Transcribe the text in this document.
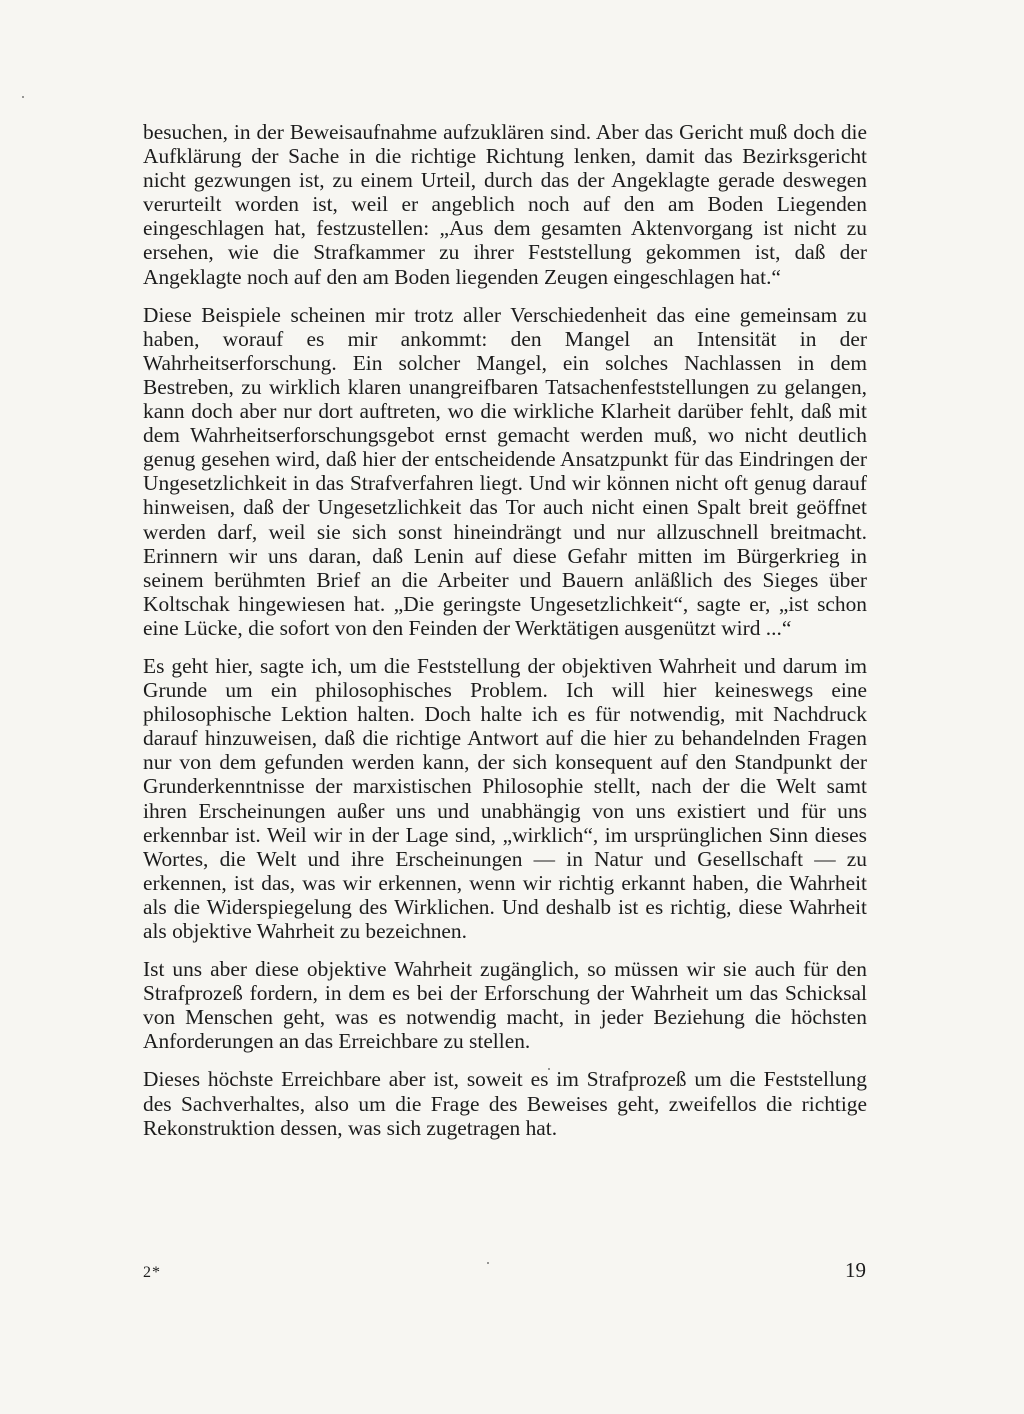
besuchen, in der Beweisaufnahme aufzuklären sind. Aber das Gericht muß doch die Aufklärung der Sache in die richtige Richtung lenken, damit das Bezirksgericht nicht gezwungen ist, zu einem Urteil, durch das der Angeklagte gerade deswegen verurteilt worden ist, weil er angeblich noch auf den am Boden Liegenden eingeschlagen hat, festzustellen: „Aus dem gesamten Aktenvorgang ist nicht zu ersehen, wie die Strafkammer zu ihrer Feststellung gekommen ist, daß der Angeklagte noch auf den am Boden liegenden Zeugen eingeschlagen hat.“

Diese Beispiele scheinen mir trotz aller Verschiedenheit das eine gemeinsam zu haben, worauf es mir ankommt: den Mangel an Intensität in der Wahrheitserforschung. Ein solcher Mangel, ein solches Nachlassen in dem Bestreben, zu wirklich klaren unangreifbaren Tatsachenfeststellungen zu gelangen, kann doch aber nur dort auftreten, wo die wirkliche Klarheit darüber fehlt, daß mit dem Wahrheitserforschungsgebot ernst gemacht werden muß, wo nicht deutlich genug gesehen wird, daß hier der entscheidende Ansatzpunkt für das Eindringen der Ungesetzlichkeit in das Strafverfahren liegt. Und wir können nicht oft genug darauf hinweisen, daß der Ungesetzlichkeit das Tor auch nicht einen Spalt breit geöffnet werden darf, weil sie sich sonst hineindrängt und nur allzuschnell breitmacht. Erinnern wir uns daran, daß Lenin auf diese Gefahr mitten im Bürgerkrieg in seinem berühmten Brief an die Arbeiter und Bauern anläßlich des Sieges über Koltschak hingewiesen hat. „Die geringste Ungesetzlichkeit“, sagte er, „ist schon eine Lücke, die sofort von den Feinden der Werktätigen ausgenützt wird ...“

Es geht hier, sagte ich, um die Feststellung der objektiven Wahrheit und darum im Grunde um ein philosophisches Problem. Ich will hier keineswegs eine philosophische Lektion halten. Doch halte ich es für notwendig, mit Nachdruck darauf hinzuweisen, daß die richtige Antwort auf die hier zu behandelnden Fragen nur von dem gefunden werden kann, der sich konsequent auf den Standpunkt der Grunderkenntnisse der marxistischen Philosophie stellt, nach der die Welt samt ihren Erscheinungen außer uns und unabhängig von uns existiert und für uns erkennbar ist. Weil wir in der Lage sind, „wirklich“, im ursprünglichen Sinn dieses Wortes, die Welt und ihre Erscheinungen — in Natur und Gesellschaft — zu erkennen, ist das, was wir erkennen, wenn wir richtig erkannt haben, die Wahrheit als die Widerspiegelung des Wirklichen. Und deshalb ist es richtig, diese Wahrheit als objektive Wahrheit zu bezeichnen.

Ist uns aber diese objektive Wahrheit zugänglich, so müssen wir sie auch für den Strafprozeß fordern, in dem es bei der Erforschung der Wahrheit um das Schicksal von Menschen geht, was es notwendig macht, in jeder Beziehung die höchsten Anforderungen an das Erreichbare zu stellen.

Dieses höchste Erreichbare aber ist, soweit es im Strafprozeß um die Feststellung des Sachverhaltes, also um die Frage des Beweises geht, zweifellos die richtige Rekonstruktion dessen, was sich zugetragen hat.

2*	19
